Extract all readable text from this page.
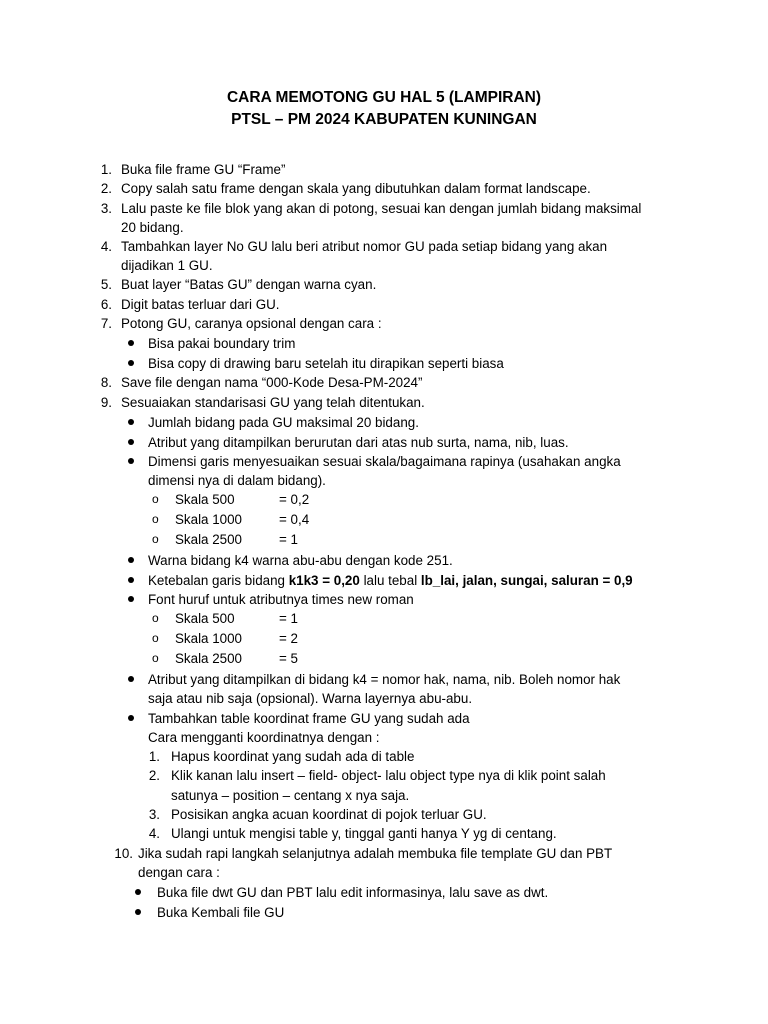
CARA MEMOTONG GU HAL 5 (LAMPIRAN)
PTSL – PM 2024 KABUPATEN KUNINGAN
1. Buka file frame GU “Frame”
2. Copy salah satu frame dengan skala yang dibutuhkan dalam format landscape.
3. Lalu paste ke file blok yang akan di potong, sesuai kan dengan jumlah bidang maksimal
20 bidang.
4. Tambahkan layer No GU lalu beri atribut nomor GU pada setiap bidang yang akan
dijadikan 1 GU.
5. Buat layer “Batas GU” dengan warna cyan.
6. Digit batas terluar dari GU.
7. Potong GU, caranya opsional dengan cara :
Bisa pakai boundary trim
Bisa copy di drawing baru setelah itu dirapikan seperti biasa
8. Save file dengan nama “000-Kode Desa-PM-2024”
9. Sesuaiakan standarisasi GU yang telah ditentukan.
Jumlah bidang pada GU maksimal 20 bidang.
Atribut yang ditampilkan berurutan dari atas nub surta, nama, nib, luas.
Dimensi garis menyesuaikan sesuai skala/bagaimana rapinya (usahakan angka
dimensi nya di dalam bidang).
o Skala 500	= 0,2
o Skala 1000	= 0,4
o Skala 2500	= 1
Warna bidang k4 warna abu-abu dengan kode 251.
Ketebalan garis bidang k1k3 = 0,20 lalu tebal lb_lai, jalan, sungai, saluran = 0,9
Font huruf untuk atributnya times new roman
o Skala 500	= 1
o Skala 1000	= 2
o Skala 2500	= 5
Atribut yang ditampilkan di bidang k4 = nomor hak, nama, nib. Boleh nomor hak
saja atau nib saja (opsional). Warna layernya abu-abu.
Tambahkan table koordinat frame GU yang sudah ada
Cara mengganti koordinatnya dengan :
1. Hapus koordinat yang sudah ada di table
2. Klik kanan lalu insert – field- object- lalu object type nya di klik point salah
satunya – position – centang x nya saja.
3. Posisikan angka acuan koordinat di pojok terluar GU.
4. Ulangi untuk mengisi table y, tinggal ganti hanya Y yg di centang.
10. Jika sudah rapi langkah selanjutnya adalah membuka file template GU dan PBT
dengan cara :
Buka file dwt GU dan PBT lalu edit informasinya, lalu save as dwt.
Buka Kembali file GU
